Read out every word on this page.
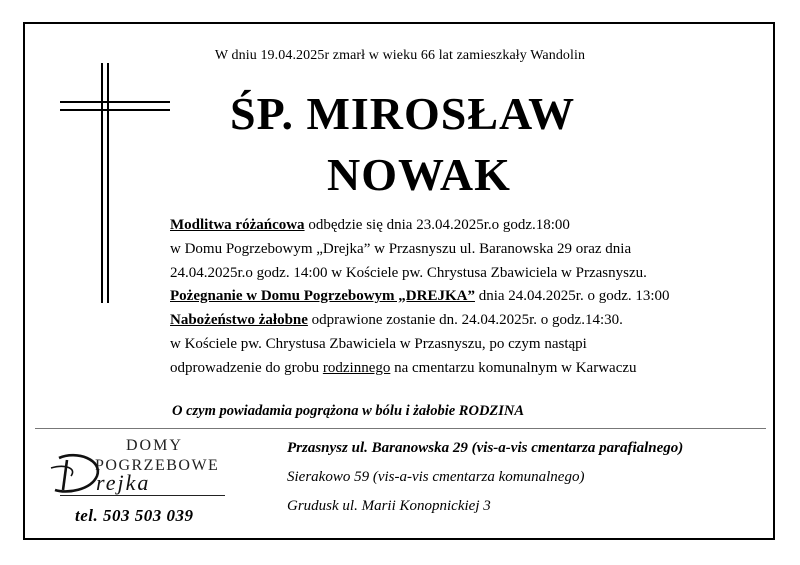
W dniu 19.04.2025r zmarł w wieku 66 lat zamieszkały Wandolin
ŚP. MIROSŁAW
NOWAK
Modlitwa różańcowa odbędzie się dnia 23.04.2025r.o godz.18:00
w Domu Pogrzebowym „Drejka” w Przasnyszu ul. Baranowska 29 oraz dnia
24.04.2025r.o godz. 14:00 w Kościele pw. Chrystusa Zbawiciela w Przasnyszu.
Pożegnanie w Domu Pogrzebowym „DREJKA” dnia 24.04.2025r. o godz. 13:00
Nabożeństwo żałobne odprawione zostanie dn. 24.04.2025r. o godz.14:30.
w Kościele pw. Chrystusa Zbawiciela w Przasnyszu, po czym nastąpi
odprowadzenie do grobu rodzinnego na cmentarzu komunalnym w Karwaczu
O czym powiadamia pogrążona w bólu i żałobie RODZINA
DOMY
POGRZEBOWE
rejka
tel. 503 503 039
Przasnysz ul. Baranowska 29 (vis-a-vis cmentarza parafialnego)
Sierakowo 59 (vis-a-vis cmentarza komunalnego)
Grudusk ul. Marii Konopnickiej 3
